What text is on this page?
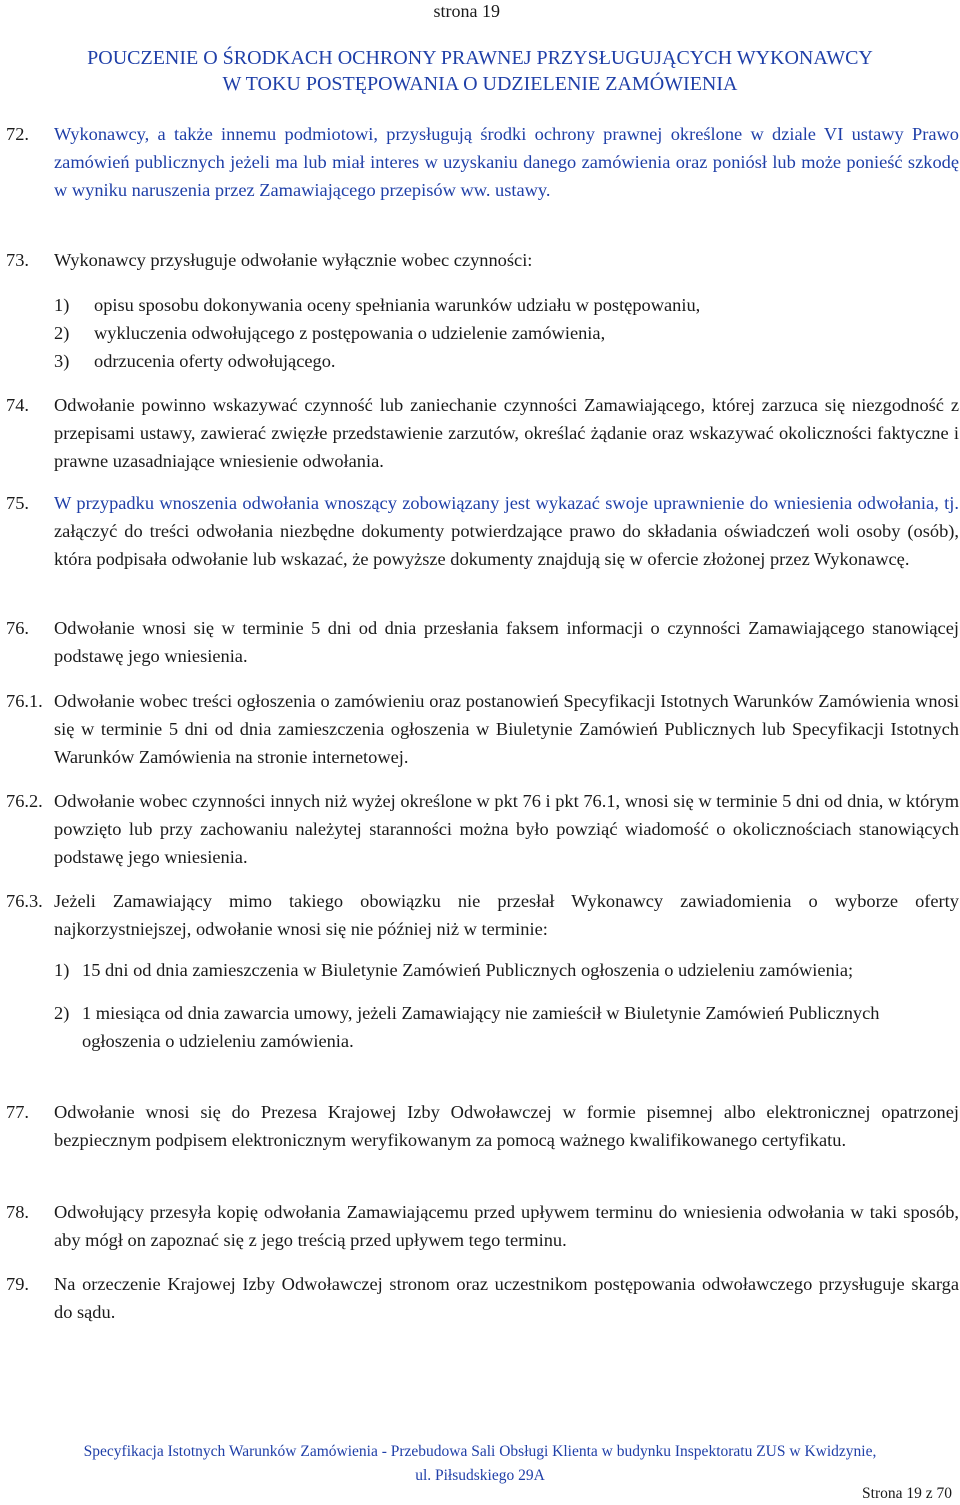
strona 19
POUCZENIE O ŚRODKACH OCHRONY PRAWNEJ PRZYSŁUGUJĄCYCH WYKONAWCY
W TOKU POSTĘPOWANIA O UDZIELENIE ZAMÓWIENIA
72. Wykonawcy, a także innemu podmiotowi, przysługują środki ochrony prawnej określone w dziale VI ustawy Prawo zamówień publicznych jeżeli ma lub miał interes w uzyskaniu danego zamówienia oraz poniósł lub może ponieść szkodę w wyniku naruszenia przez Zamawiającego przepisów ww. ustawy.
73. Wykonawcy przysługuje odwołanie wyłącznie wobec czynności:
1) opisu sposobu dokonywania oceny spełniania warunków udziału w postępowaniu,
2) wykluczenia odwołującego z postępowania o udzielenie zamówienia,
3) odrzucenia oferty odwołującego.
74. Odwołanie powinno wskazywać czynność lub zaniechanie czynności Zamawiającego, której zarzuca się niezgodność z przepisami ustawy, zawierać zwięzłe przedstawienie zarzutów, określać żądanie oraz wskazywać okoliczności faktyczne i prawne uzasadniające wniesienie odwołania.
75. W przypadku wnoszenia odwołania wnoszący zobowiązany jest wykazać swoje uprawnienie do wniesienia odwołania, tj. załączyć do treści odwołania niezbędne dokumenty potwierdzające prawo do składania oświadczeń woli osoby (osób), która podpisała odwołanie lub wskazać, że powyższe dokumenty znajdują się w ofercie złożonej przez Wykonawcę.
76. Odwołanie wnosi się w terminie 5 dni od dnia przesłania faksem informacji o czynności Zamawiającego stanowiącej podstawę jego wniesienia.
76.1. Odwołanie wobec treści ogłoszenia o zamówieniu oraz postanowień Specyfikacji Istotnych Warunków Zamówienia wnosi się w terminie 5 dni od dnia zamieszczenia ogłoszenia w Biuletynie Zamówień Publicznych lub Specyfikacji Istotnych Warunków Zamówienia na stronie internetowej.
76.2. Odwołanie wobec czynności innych niż wyżej określone w pkt 76 i pkt 76.1, wnosi się w terminie 5 dni od dnia, w którym powzięto lub przy zachowaniu należytej staranności można było powziąć wiadomość o okolicznościach stanowiących podstawę jego wniesienia.
76.3. Jeżeli Zamawiający mimo takiego obowiązku nie przesłał Wykonawcy zawiadomienia o wyborze oferty najkorzystniejszej, odwołanie wnosi się nie później niż w terminie:
1) 15 dni od dnia zamieszczenia w Biuletynie Zamówień Publicznych ogłoszenia o udzieleniu zamówienia;
2) 1 miesiąca od dnia zawarcia umowy, jeżeli Zamawiający nie zamieścił w Biuletynie Zamówień Publicznych ogłoszenia o udzieleniu zamówienia.
77. Odwołanie wnosi się do Prezesa Krajowej Izby Odwoławczej w formie pisemnej albo elektronicznej opatrzonej bezpiecznym podpisem elektronicznym weryfikowanym za pomocą ważnego kwalifikowanego certyfikatu.
78. Odwołujący przesyła kopię odwołania Zamawiającemu przed upływem terminu do wniesienia odwołania w taki sposób, aby mógł on zapoznać się z jego treścią przed upływem tego terminu.
79. Na orzeczenie Krajowej Izby Odwoławczej stronom oraz uczestnikom postępowania odwoławczego przysługuje skarga do sądu.
Specyfikacja Istotnych Warunków Zamówienia - Przebudowa Sali Obsługi Klienta w budynku Inspektoratu ZUS w Kwidzynie,
ul. Piłsudskiego 29A
Strona 19 z 70
